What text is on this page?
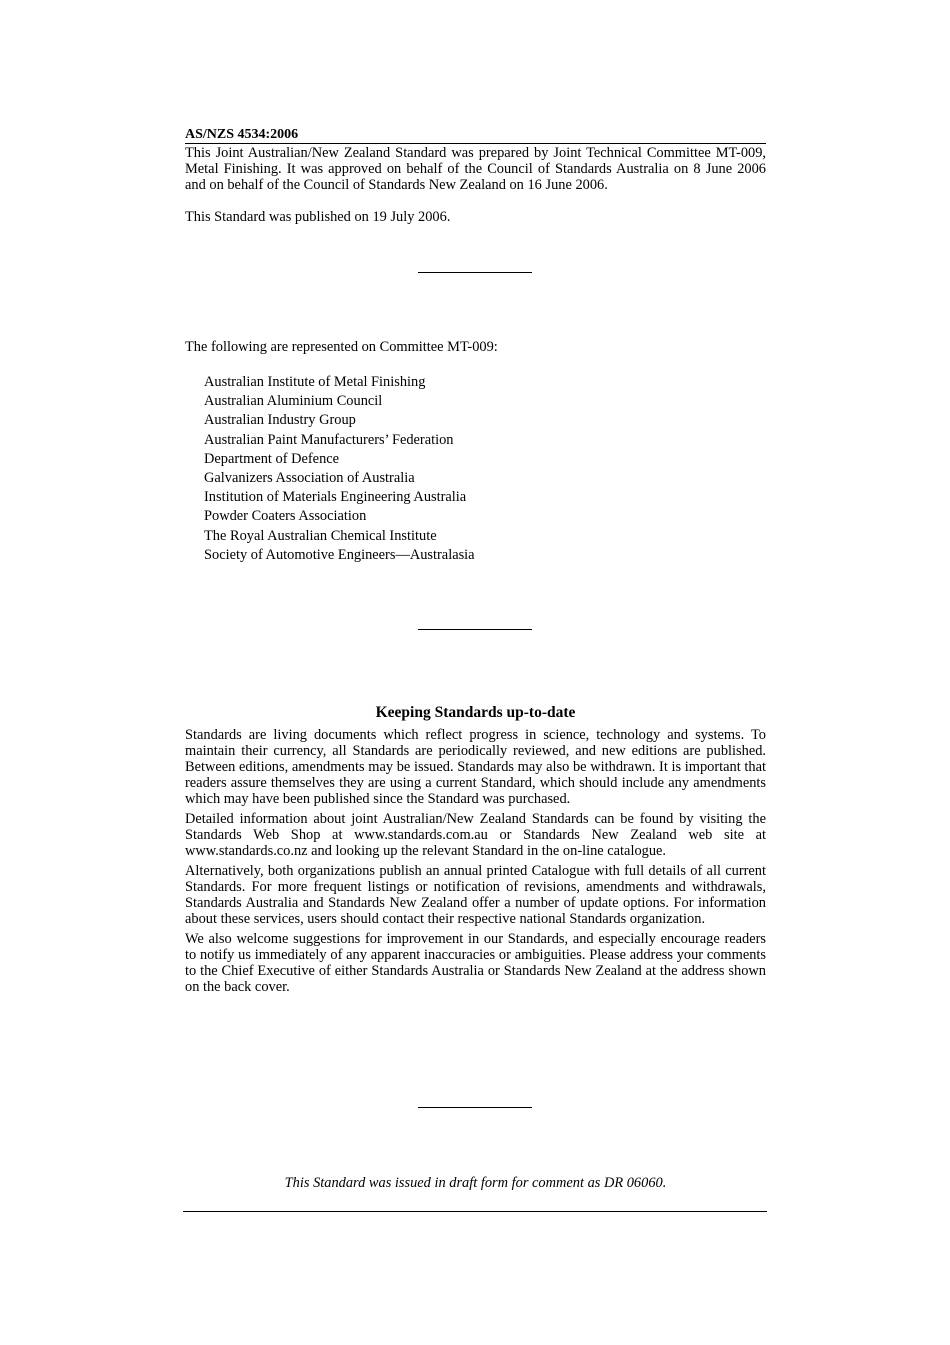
AS/NZS 4534:2006

This Joint Australian/New Zealand Standard was prepared by Joint Technical Committee MT-009, Metal Finishing. It was approved on behalf of the Council of Standards Australia on 8 June 2006 and on behalf of the Council of Standards New Zealand on 16 June 2006.

This Standard was published on 19 July 2006.

The following are represented on Committee MT-009:

Australian Institute of Metal Finishing
Australian Aluminium Council
Australian Industry Group
Australian Paint Manufacturers’ Federation
Department of Defence
Galvanizers Association of Australia
Institution of Materials Engineering Australia
Powder Coaters Association
The Royal Australian Chemical Institute
Society of Automotive Engineers—Australasia
Keeping Standards up-to-date

Standards are living documents which reflect progress in science, technology and systems. To maintain their currency, all Standards are periodically reviewed, and new editions are published. Between editions, amendments may be issued. Standards may also be withdrawn. It is important that readers assure themselves they are using a current Standard, which should include any amendments which may have been published since the Standard was purchased.

Detailed information about joint Australian/New Zealand Standards can be found by visiting the Standards Web Shop at www.standards.com.au or Standards New Zealand web site at www.standards.co.nz and looking up the relevant Standard in the on-line catalogue.

Alternatively, both organizations publish an annual printed Catalogue with full details of all current Standards. For more frequent listings or notification of revisions, amendments and withdrawals, Standards Australia and Standards New Zealand offer a number of update options. For information about these services, users should contact their respective national Standards organization.

We also welcome suggestions for improvement in our Standards, and especially encourage readers to notify us immediately of any apparent inaccuracies or ambiguities. Please address your comments to the Chief Executive of either Standards Australia or Standards New Zealand at the address shown on the back cover.

This Standard was issued in draft form for comment as DR 06060.
